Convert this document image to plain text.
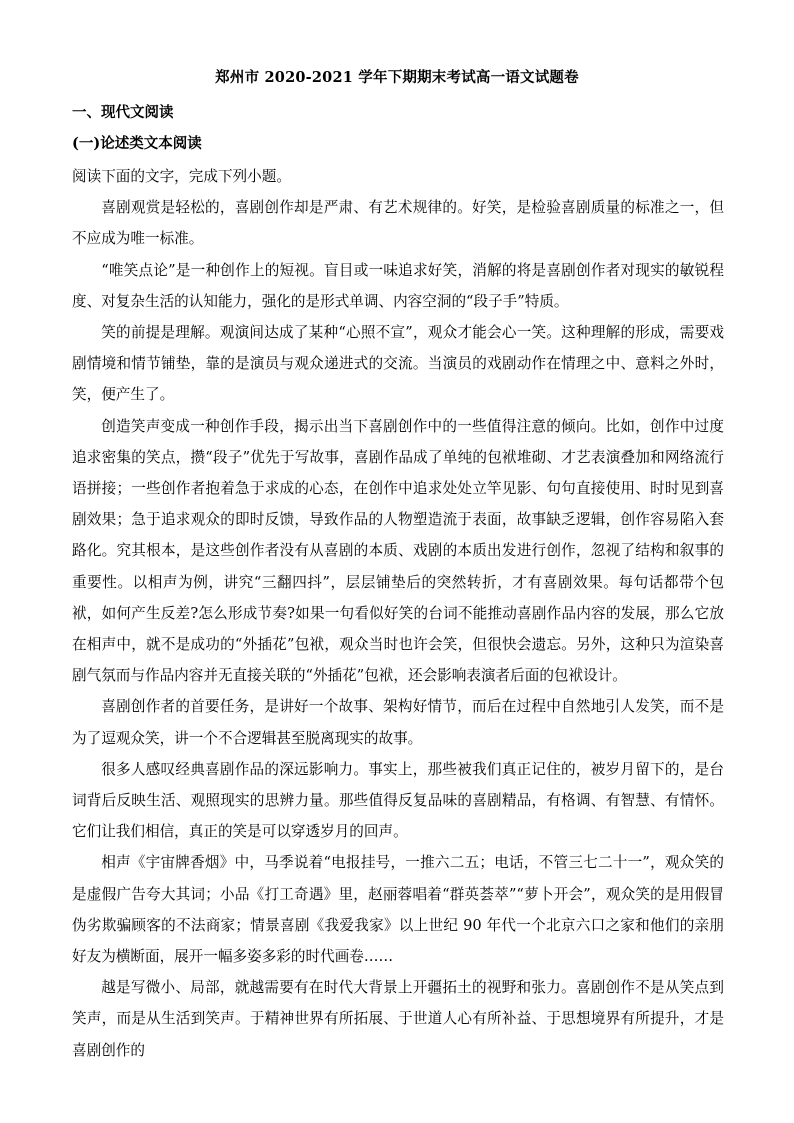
郑州市 2020-2021 学年下期期末考试高一语文试题卷
一、现代文阅读
(一)论述类文本阅读

阅读下面的文字，完成下列小题。

喜剧观赏是轻松的，喜剧创作却是严肃、有艺术规律的。好笑，是检验喜剧质量的标准之一，但不应成为唯一标准。

“唯笑点论”是一种创作上的短视。盲目或一味追求好笑，消解的将是喜剧创作者对现实的敏锐程度、对复杂生活的认知能力，强化的是形式单调、内容空洞的“段子手”特质。

笑的前提是理解。观演间达成了某种“心照不宣”，观众才能会心一笑。这种理解的形成，需要戏剧情境和情节铺垫，靠的是演员与观众递进式的交流。当演员的戏剧动作在情理之中、意料之外时，笑，便产生了。

创造笑声变成一种创作手段，揭示出当下喜剧创作中的一些值得注意的倾向。比如，创作中过度追求密集的笑点，攒“段子”优先于写故事，喜剧作品成了单纯的包袱堆砌、才艺表演叠加和网络流行语拼接；一些创作者抱着急于求成的心态，在创作中追求处处立竿见影、句句直接使用、时时见到喜剧效果；急于追求观众的即时反馈，导致作品的人物塑造流于表面，故事缺乏逻辑，创作容易陷入套路化。究其根本，是这些创作者没有从喜剧的本质、戏剧的本质出发进行创作，忽视了结构和叙事的重要性。以相声为例，讲究“三翻四抖”，层层铺垫后的突然转折，才有喜剧效果。每句话都带个包袱，如何产生反差?怎么形成节奏?如果一句看似好笑的台词不能推动喜剧作品内容的发展，那么它放在相声中，就不是成功的“外插花”包袱，观众当时也许会笑，但很快会遗忘。另外，这种只为渲染喜剧气氛而与作品内容并无直接关联的“外插花”包袱，还会影响表演者后面的包袱设计。

喜剧创作者的首要任务，是讲好一个故事、架构好情节，而后在过程中自然地引人发笑，而不是为了逗观众笑，讲一个不合逻辑甚至脱离现实的故事。

很多人感叹经典喜剧作品的深远影响力。事实上，那些被我们真正记住的，被岁月留下的，是台词背后反映生活、观照现实的思辨力量。那些值得反复品味的喜剧精品，有格调、有智慧、有情怀。它们让我们相信，真正的笑是可以穿透岁月的回声。

相声《宇宙牌香烟》中，马季说着“电报挂号，一推六二五；电话，不管三七二十一”，观众笑的是虚假广告夸大其词；小品《打工奇遇》里，赵丽蓉唱着“群英荟萃”“萝卜开会”，观众笑的是用假冒伪劣欺骗顾客的不法商家；情景喜剧《我爱我家》以上世纪 90 年代一个北京六口之家和他们的亲朋好友为横断面，展开一幅多姿多彩的时代画卷……

越是写微小、局部，就越需要有在时代大背景上开疆拓土的视野和张力。喜剧创作不是从笑点到笑声，而是从生活到笑声。于精神世界有所拓展、于世道人心有所补益、于思想境界有所提升，才是喜剧创作的
